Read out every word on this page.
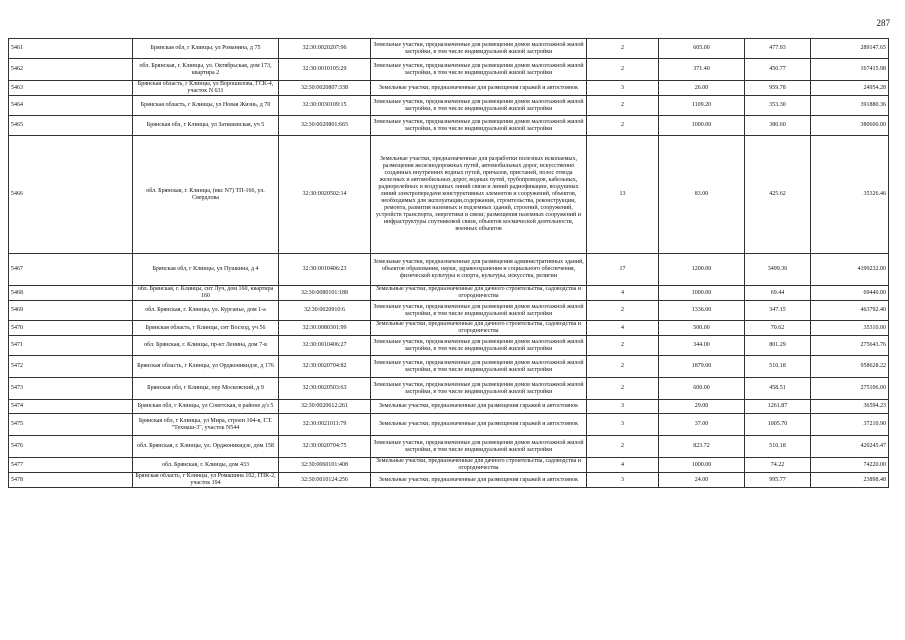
287
5461	Брянская обл, г Клинцы, ул Романина, д 75	32:30:0020207:96	Земельные участки, предназначенные для размещения домов малоэтажной жилой застройки, в том числе индивидуальной жилой застройки	2	605.00	477.93	289147.65
5462	обл. Брянская, г. Клинцы, ул. Октябрьская, дом 173, квартира 2	32:30:0010105:29	Земельные участки, предназначенные для размещения домов малоэтажной жилой застройки, в том числе индивидуальной жилой застройки	2	371.40	450.77	167415.98
5463	Брянская область, г Клинцы, ул Ворошилова, ГСК-4, участок N 631	32:30:0020807:338	Земельные участки, предназначенные для размещения гаражей и автостоянок	3	26.00	959.78	24954.28
5464	Брянская область, г Клинцы, ул Новая Жизнь, д 70	32:30:0030109:15	Земельные участки, предназначенные для размещения домов малоэтажной жилой застройки, в том числе индивидуальной жилой застройки	2	1109.20	353.30	391880.36
5465	Брянская обл, г Клинцы, ул Затишевская, уч 5	32:30:0020801:665	Земельные участки, предназначенные для размещения домов малоэтажной жилой застройки, в том числе индивидуальной жилой застройки	2	1000.00	380.60	380600.00
5466	обл. Брянская, г. Клинцы, (вкс N7) ТП-166, ул. Свердлова	32:30:0020502:14	Земельные участки, предназначенные для разработки полезных ископаемых, размещения железнодорожных путей, автомобильных дорог, искусственно созданных внутренних водных путей, причалов, пристаней, полос отвода железных и автомобильных дорог, водных путей, трубопроводов, кабельных, радиорелейных и воздушных линий связи и линий радиофикации, воздушных линий электропередачи конструктивных элементов и сооружений, объектов, необходимых для эксплуатации,содержания, строительства, реконструкции, ремонта, развития наземных и подземных зданий, строений, сооружений, устройств транспорта, энергетики и связи; размещения наземных сооружений и инфраструктуры спутниковой связи, объектов космической деятельности, военных объектов	13	83.00	425.62	35326.46
5467	Брянская обл, г Клинцы, ул Пушкина, д 4	32:30:0010406:23	Земельные участки, предназначенные для размещения административных зданий, объектов образования, науки, здравоохранения и социального обеспечения, физической культуры и спорта, культуры, искусства, религии	17	1200.00	3499.36	4199232.00
5468	обл. Брянская, г. Клинцы, снт Луч, дом 160, квартира 160	32:30:0080101:188	Земельные участки, предназначенные для дачного строительства, садоводства и огородничества	4	1000.00	69.44	69440.00
5469	обл. Брянская, г. Клинцы, ул. Курганье, дом 1-а	32:30:0020910:6	Земельные участки, предназначенные для размещения домов малоэтажной жилой застройки, в том числе индивидуальной жилой застройки	2	1336.00	347.15	463792.40
5470	Брянская область, г Клинцы, снт Восход, уч 56	32:30:0080301:99	Земельные участки, предназначенные для дачного строительства, садоводства и огородничества	4	500.00	70.62	35310.00
5471	обл. Брянская, г. Клинцы, пр-кт Ленина, дом 7-в	32:30:0010406:27	Земельные участки, предназначенные для размещения домов малоэтажной жилой застройки, в том числе индивидуальной жилой застройки	2	344.00	801.29	275643.76
5472	Брянская область, г Клинцы, ул Орджоникидзе, д 176	32:30:0020704:82	Земельные участки, предназначенные для размещения домов малоэтажной жилой застройки, в том числе индивидуальной жилой застройки	2	1879.00	510.18	958628.22
5473	Брянская обл, г Клинцы, пер Московский, д 9	32:30:0020503:63	Земельные участки, предназначенные для размещения домов малоэтажной жилой застройки, в том числе индивидуальной жилой застройки	2	600.00	458.51	275106.00
5474	Брянская обл, г Клинцы, ул Советская, в районе д/з 5	32:30:0020612:261	Земельные участки, предназначенные для размещения гаражей и автостоянок	3	29.00	1261.87	36594.23
5475	Брянская обл, г Клинцы, ул Мира, строен 104-в, Г.Т. "Техмаш-3", участок N544	32:30:0021011:79	Земельные участки, предназначенные для размещения гаражей и автостоянок	3	37.00	1005.70	37210.90
5476	обл. Брянская, г. Клинцы, ул. Орджоникидзе, дом 158	32:30:0020704:75	Земельные участки, предназначенные для размещения домов малоэтажной жилой застройки, в том числе индивидуальной жилой застройки	2	823.72	510.18	420245.47
5477	обл. Брянская, г. Клинцы, дом 433	32:30:0060101:408	Земельные участки, предназначенные для дачного строительства, садоводства и огородничества	4	1000.00	74.22	74220.00
5478	Брянская область, г Клинцы, ул Ромашина 102, ГПК-2, участок 194	32:30:0010124:256	Земельные участки, предназначенные для размещения гаражей и автостоянок	3	24.00	995.77	23898.48
